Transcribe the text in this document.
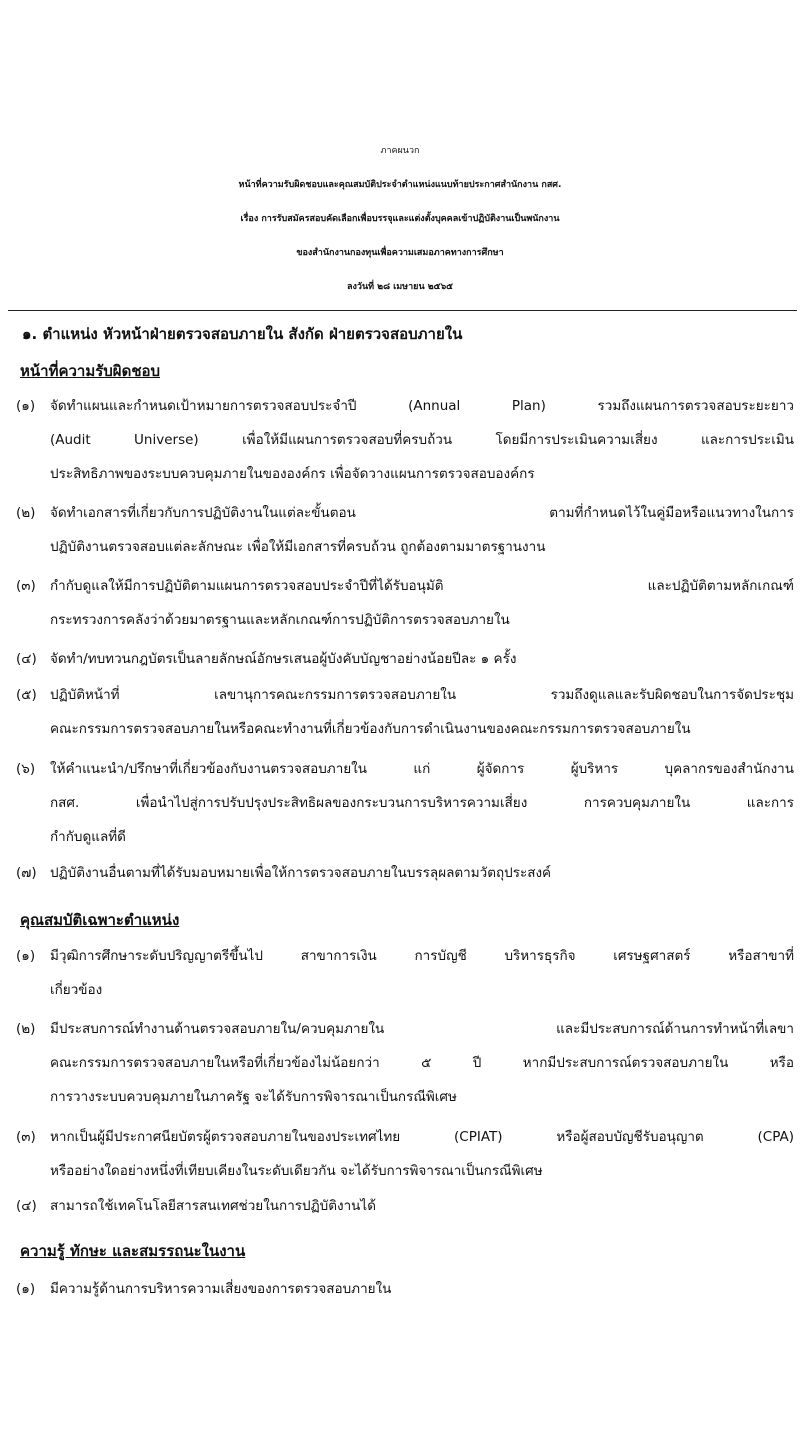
ภาคผนวก
หน้าที่ความรับผิดชอบและคุณสมบัติประจำตำแหน่งแนบท้ายประกาศสำนักงาน กสศ.
เรื่อง การรับสมัครสอบคัดเลือกเพื่อบรรจุและแต่งตั้งบุคคลเข้าปฏิบัติงานเป็นพนักงาน
ของสำนักงานกองทุนเพื่อความเสมอภาคทางการศึกษา
ลงวันที่ ๒๘ เมษายน ๒๕๖๕
๑. ตำแหน่ง หัวหน้าฝ่ายตรวจสอบภายใน สังกัด ฝ่ายตรวจสอบภายใน
หน้าที่ความรับผิดชอบ
(๑)	จัดทำแผนและกำหนดเป้าหมายการตรวจสอบประจำปี (Annual Plan) รวมถึงแผนการตรวจสอบระยะยาว
(Audit Universe) เพื่อให้มีแผนการตรวจสอบที่ครบถ้วน โดยมีการประเมินความเสี่ยง และการประเมิน
ประสิทธิภาพของระบบควบคุมภายในขององค์กร เพื่อจัดวางแผนการตรวจสอบองค์กร
(๒)	จัดทำเอกสารที่เกี่ยวกับการปฏิบัติงานในแต่ละขั้นตอน ตามที่กำหนดไว้ในคู่มือหรือแนวทางในการ
ปฏิบัติงานตรวจสอบแต่ละลักษณะ เพื่อให้มีเอกสารที่ครบถ้วน ถูกต้องตามมาตรฐานงาน
(๓)	กำกับดูแลให้มีการปฏิบัติตามแผนการตรวจสอบประจำปีที่ได้รับอนุมัติ และปฏิบัติตามหลักเกณฑ์
กระทรวงการคลังว่าด้วยมาตรฐานและหลักเกณฑ์การปฏิบัติการตรวจสอบภายใน
(๔) จัดทำ/ทบทวนกฎบัตรเป็นลายลักษณ์อักษรเสนอผู้บังคับบัญชาอย่างน้อยปีละ ๑ ครั้ง
(๕) ปฏิบัติหน้าที่ เลขานุการคณะกรรมการตรวจสอบภายใน รวมถึงดูแลและรับผิดชอบในการจัดประชุม
คณะกรรมการตรวจสอบภายในหรือคณะทำงานที่เกี่ยวข้องกับการดำเนินงานของคณะกรรมการตรวจสอบภายใน
(๖)	ให้คำแนะนำ/ปรึกษาที่เกี่ยวข้องกับงานตรวจสอบภายใน แก่ ผู้จัดการ ผู้บริหาร บุคลากรของสำนักงาน
กสศ. เพื่อนำไปสู่การปรับปรุงประสิทธิผลของกระบวนการบริหารความเสี่ยง การควบคุมภายใน และการ
กำกับดูแลที่ดี
(๗) ปฏิบัติงานอื่นตามที่ได้รับมอบหมายเพื่อให้การตรวจสอบภายในบรรลุผลตามวัตถุประสงค์
คุณสมบัติเฉพาะตำแหน่ง
(๑)	มีวุฒิการศึกษาระดับปริญญาตรีขึ้นไป สาขาการเงิน การบัญชี บริหารธุรกิจ เศรษฐศาสตร์ หรือสาขาที่
เกี่ยวข้อง
(๒)	มีประสบการณ์ทำงานด้านตรวจสอบภายใน/ควบคุมภายใน และมีประสบการณ์ด้านการทำหน้าที่เลขา
คณะกรรมการตรวจสอบภายในหรือที่เกี่ยวข้องไม่น้อยกว่า ๕ ปี หากมีประสบการณ์ตรวจสอบภายใน หรือ
การวางระบบควบคุมภายในภาครัฐ จะได้รับการพิจารณาเป็นกรณีพิเศษ
(๓)	หากเป็นผู้มีประกาศนียบัตรผู้ตรวจสอบภายในของประเทศไทย (CPIAT) หรือผู้สอบบัญชีรับอนุญาต (CPA)
หรืออย่างใดอย่างหนึ่งที่เทียบเคียงในระดับเดียวกัน จะได้รับการพิจารณาเป็นกรณีพิเศษ
(๔) สามารถใช้เทคโนโลยีสารสนเทศช่วยในการปฏิบัติงานได้
ความรู้ ทักษะ และสมรรถนะในงาน
(๑)	มีความรู้ด้านการบริหารความเสี่ยงของการตรวจสอบภายใน
